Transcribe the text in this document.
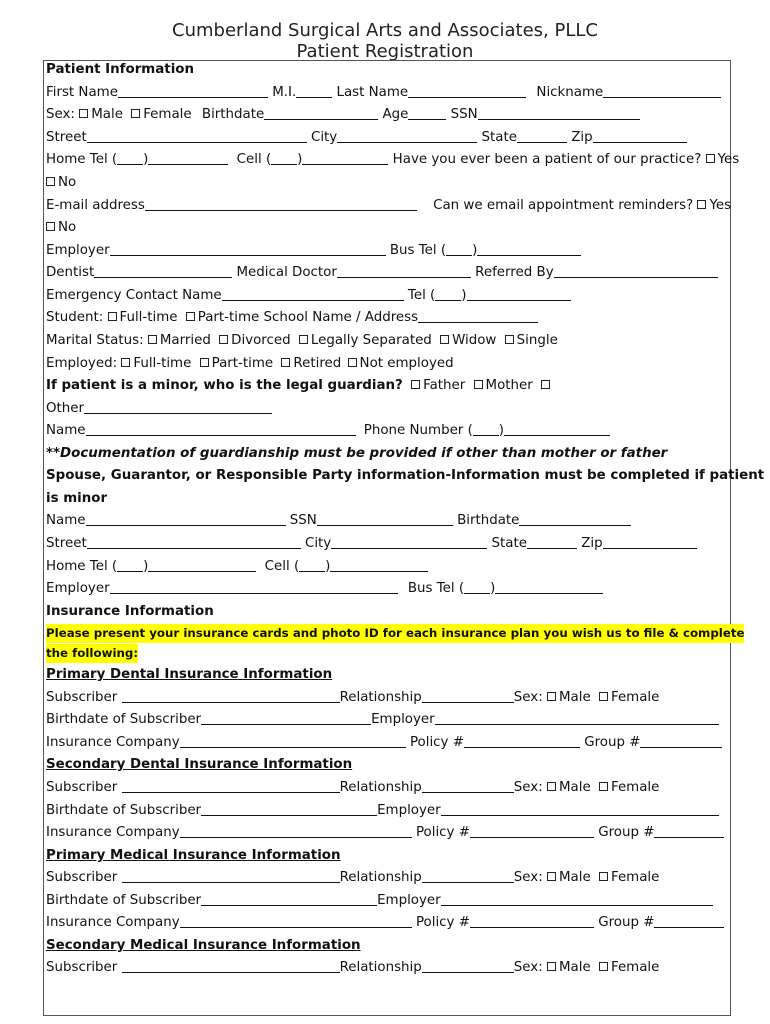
Cumberland Surgical Arts and Associates, PLLC
Patient Registration
Patient Information
First Name	M.I.	Last Name	Nickname
Sex: Male Female Birthdate	Age	SSN
Street	City	State	Zip
Home Tel ( )	Cell ( )	Have you ever been a patient of our practice? Yes
No
E-mail address	Can we email appointment reminders? Yes
No
Employer	Bus Tel ( )
Dentist	Medical Doctor	Referred By
Emergency Contact Name	Tel ( )
Student: Full-time Part-time School Name / Address
Marital Status: Married Divorced Legally Separated Widow Single
Employed: Full-time Part-time Retired Not employed
If patient is a minor, who is the legal guardian? Father Mother
Other
Name	Phone Number ( )
**Documentation of guardianship must be provided if other than mother or father
Spouse, Guarantor, or Responsible Party information-Information must be completed if patient
is minor
Name	SSN	Birthdate
Street	City	State	Zip
Home Tel ( )	Cell ( )
Employer	Bus Tel ( )
Insurance Information
Please present your insurance cards and photo ID for each insurance plan you wish us to file & complete
the following:
Primary Dental Insurance Information
Subscriber	Relationship	Sex: Male Female
Birthdate of Subscriber	Employer
Insurance Company	Policy #	Group #
Secondary Dental Insurance Information
Subscriber	Relationship	Sex: Male Female
Birthdate of Subscriber	Employer
Insurance Company	Policy #	Group #
Primary Medical Insurance Information
Subscriber	Relationship	Sex: Male Female
Birthdate of Subscriber	Employer
Insurance Company	Policy #	Group #
Secondary Medical Insurance Information
Subscriber	Relationship	Sex: Male Female
